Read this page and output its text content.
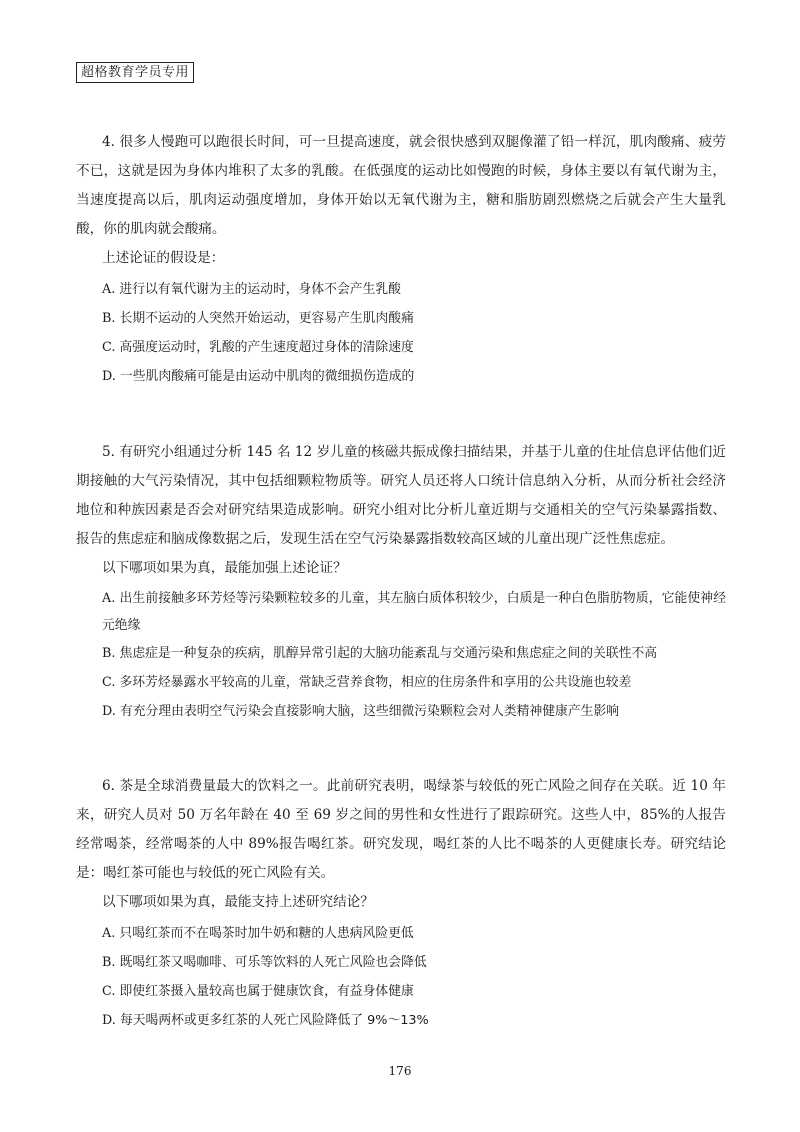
超格教育学员专用

4. 很多人慢跑可以跑很长时间，可一旦提高速度，就会很快感到双腿像灌了铅一样沉，肌肉酸痛、疲劳不已，这就是因为身体内堆积了太多的乳酸。在低强度的运动比如慢跑的时候，身体主要以有氧代谢为主，当速度提高以后，肌肉运动强度增加，身体开始以无氧代谢为主，糖和脂肪剧烈燃烧之后就会产生大量乳酸，你的肌肉就会酸痛。

上述论证的假设是：

A. 进行以有氧代谢为主的运动时，身体不会产生乳酸

B. 长期不运动的人突然开始运动，更容易产生肌肉酸痛

C. 高强度运动时，乳酸的产生速度超过身体的清除速度

D. 一些肌肉酸痛可能是由运动中肌肉的微细损伤造成的

5. 有研究小组通过分析 145 名 12 岁儿童的核磁共振成像扫描结果，并基于儿童的住址信息评估他们近期接触的大气污染情况，其中包括细颗粒物质等。研究人员还将人口统计信息纳入分析，从而分析社会经济地位和种族因素是否会对研究结果造成影响。研究小组对比分析儿童近期与交通相关的空气污染暴露指数、报告的焦虑症和脑成像数据之后，发现生活在空气污染暴露指数较高区域的儿童出现广泛性焦虑症。

以下哪项如果为真，最能加强上述论证？

A. 出生前接触多环芳烃等污染颗粒较多的儿童，其左脑白质体积较少，白质是一种白色脂肪物质，它能使神经元绝缘

B. 焦虑症是一种复杂的疾病，肌醇异常引起的大脑功能紊乱与交通污染和焦虑症之间的关联性不高

C. 多环芳烃暴露水平较高的儿童，常缺乏营养食物，相应的住房条件和享用的公共设施也较差

D. 有充分理由表明空气污染会直接影响大脑，这些细微污染颗粒会对人类精神健康产生影响

6. 茶是全球消费量最大的饮料之一。此前研究表明，喝绿茶与较低的死亡风险之间存在关联。近 10 年来，研究人员对 50 万名年龄在 40 至 69 岁之间的男性和女性进行了跟踪研究。这些人中，85%的人报告经常喝茶，经常喝茶的人中 89%报告喝红茶。研究发现，喝红茶的人比不喝茶的人更健康长寿。研究结论是：喝红茶可能也与较低的死亡风险有关。

以下哪项如果为真，最能支持上述研究结论？

A. 只喝红茶而不在喝茶时加牛奶和糖的人患病风险更低

B. 既喝红茶又喝咖啡、可乐等饮料的人死亡风险也会降低

C. 即使红茶摄入量较高也属于健康饮食，有益身体健康

D. 每天喝两杯或更多红茶的人死亡风险降低了 9%～13%

176
